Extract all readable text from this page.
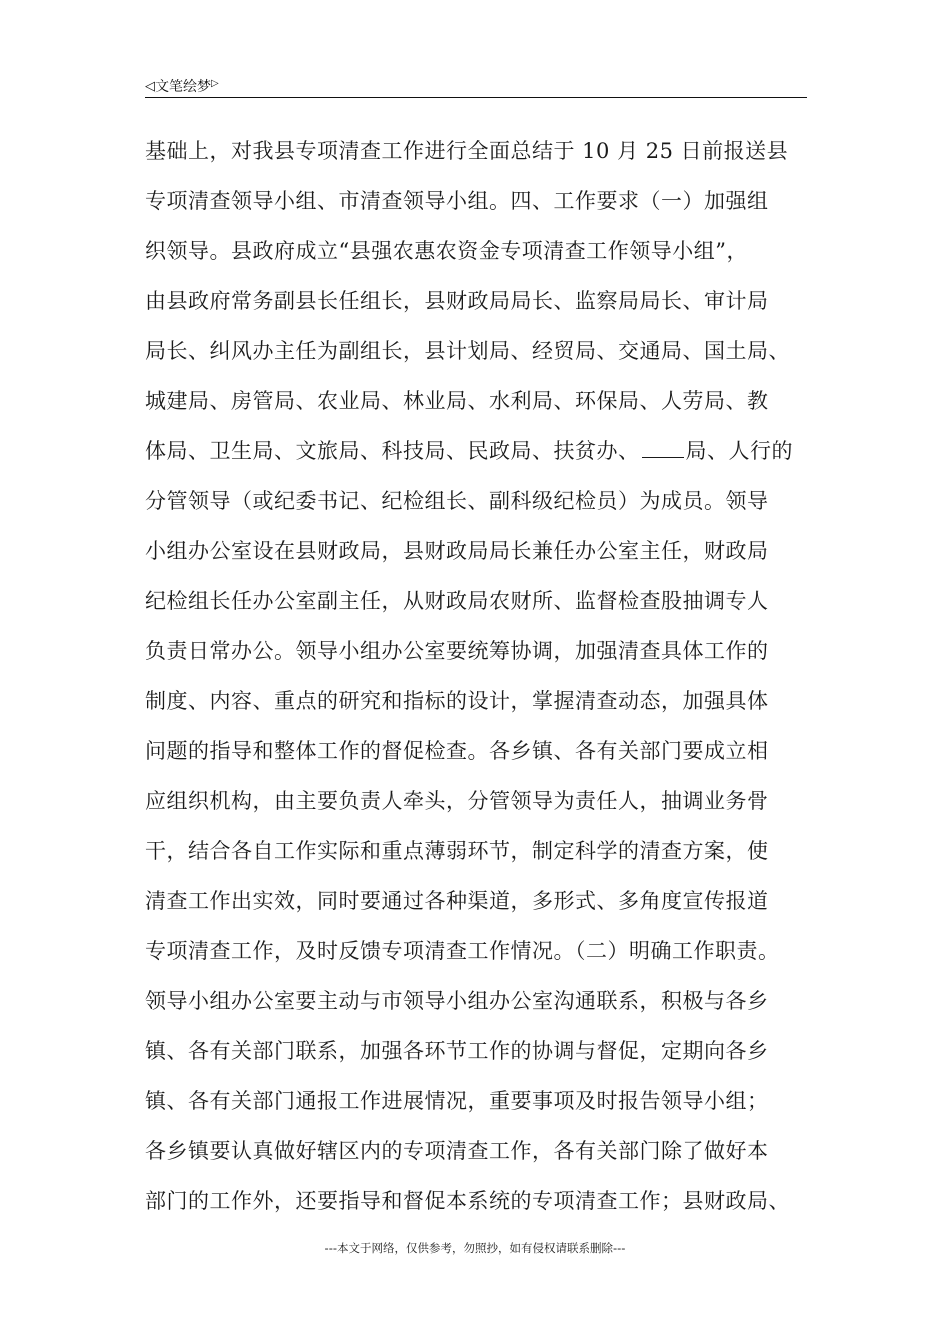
◁ 文笔绘梦 ▷
基础上，对我县专项清查工作进行全面总结于 10 月 25 日前报送县
专项清查领导小组、市清查领导小组。四、工作要求（一）加强组
织领导。县政府成立“县强农惠农资金专项清查工作领导小组”，
由县政府常务副县长任组长，县财政局局长、监察局局长、审计局
局长、纠风办主任为副组长，县计划局、经贸局、交通局、国土局、
城建局、房管局、农业局、林业局、水利局、环保局、人劳局、教
体局、卫生局、文旅局、科技局、民政局、扶贫办、 局、人行的
分管领导（或纪委书记、纪检组长、副科级纪检员）为成员。领导
小组办公室设在县财政局，县财政局局长兼任办公室主任，财政局
纪检组长任办公室副主任，从财政局农财所、监督检查股抽调专人
负责日常办公。领导小组办公室要统筹协调，加强清查具体工作的
制度、内容、重点的研究和指标的设计，掌握清查动态，加强具体
问题的指导和整体工作的督促检查。各乡镇、各有关部门要成立相
应组织机构，由主要负责人牵头，分管领导为责任人，抽调业务骨
干，结合各自工作实际和重点薄弱环节，制定科学的清查方案，使
清查工作出实效，同时要通过各种渠道，多形式、多角度宣传报道
专项清查工作，及时反馈专项清查工作情况。（二）明确工作职责。
领导小组办公室要主动与市领导小组办公室沟通联系，积极与各乡
镇、各有关部门联系，加强各环节工作的协调与督促，定期向各乡
镇、各有关部门通报工作进展情况，重要事项及时报告领导小组；
各乡镇要认真做好辖区内的专项清查工作，各有关部门除了做好本
部门的工作外，还要指导和督促本系统的专项清查工作；县财政局、
---本文于网络，仅供参考，勿照抄，如有侵权请联系删除---
